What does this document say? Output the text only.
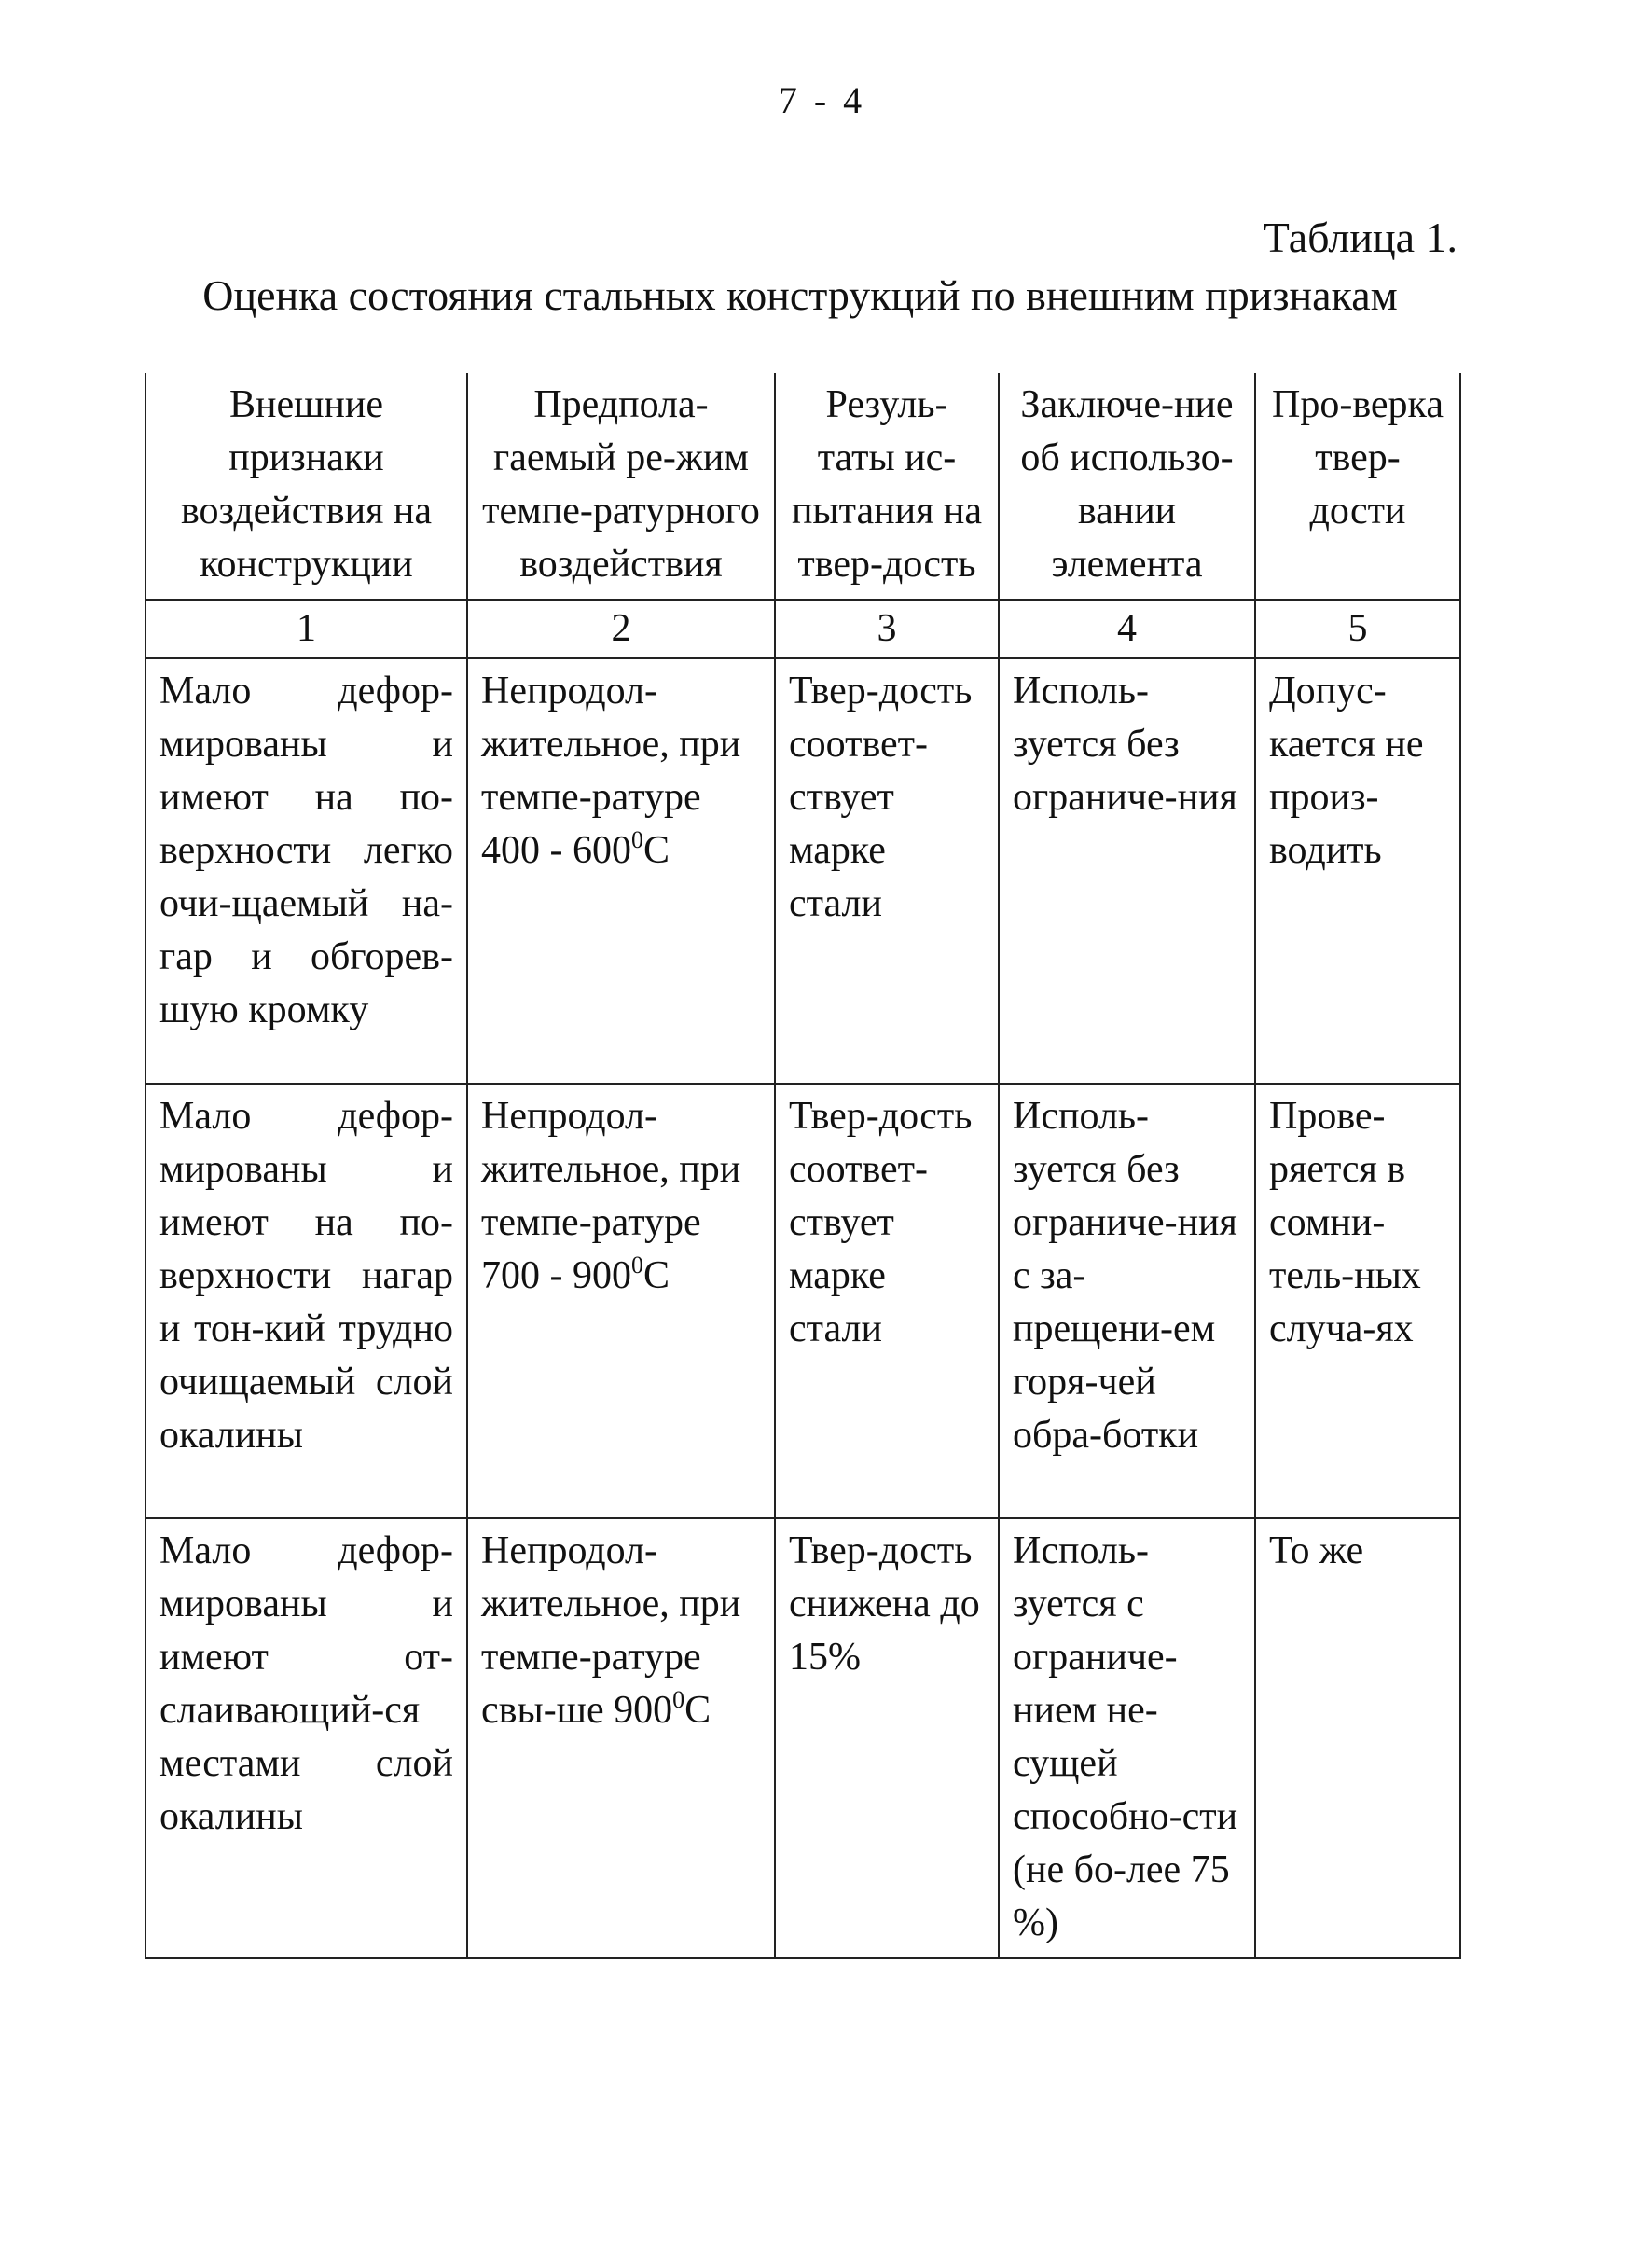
7 - 4
Таблица 1.
Оценка состояния стальных конструкций по внешним признакам
Внешние признаки воздействия на конструкции	Предпола-гаемый ре-жим темпе-ратурного воздействия	Резуль-таты ис-пытания на твер-дость	Заключе-ние об использо-вании элемента	Про-верка твер-дости
1	2	3	4	5
Мало дефор-мированы и имеют на по-верхности легко очи-щаемый на-гар и обгорев-шую кромку	Непродол-жительное, при темпе-ратуре $400 - 600^0С$	Твер-дость соответ-ствует марке стали	Исполь-зуется без ограниче-ния	Допус-кается не произ-водить
Мало дефор-мированы и имеют на по-верхности нагар и тон-кий трудно очищаемый слой окалины	Непродол-жительное, при темпе-ратуре $700 - 900^0С$	Твер-дость соответ-ствует марке стали	Исполь-зуется без ограниче-ния с за-прещени-ем горя-чей обра-ботки	Прове-ряется в сомни-тель-ных случа-ях
Мало дефор-мированы и имеют от-слаивающий-ся местами слой окалины	Непродол-жительное, при темпе-ратуре свы-ше $900^0С$	Твер-дость снижена до 15%	Исполь-зуется с ограниче-нием не-сущей способно-сти (не бо-лее 75 %)	То же
